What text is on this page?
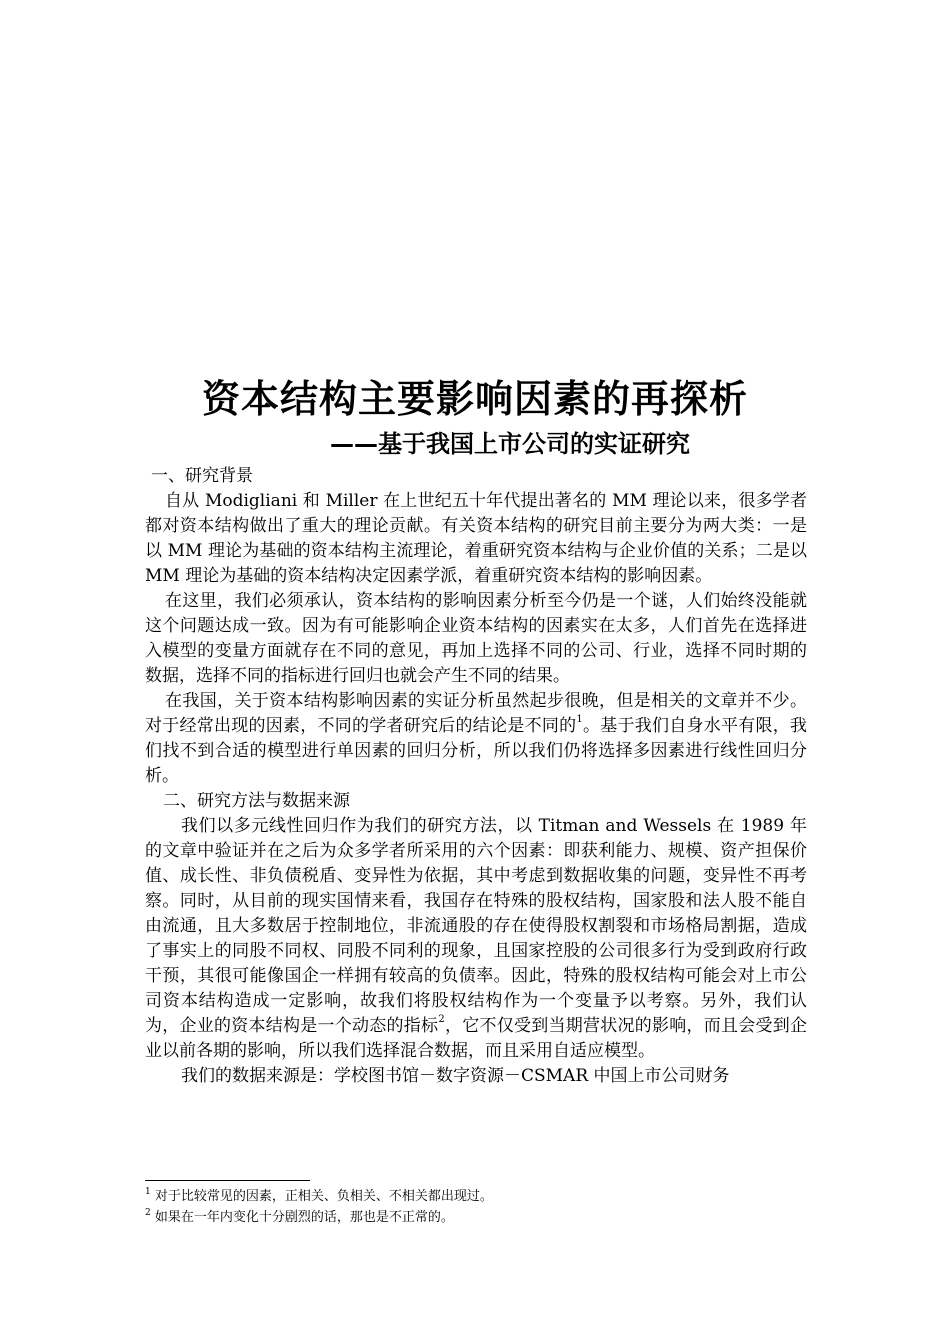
资本结构主要影响因素的再探析
——基于我国上市公司的实证研究
一、研究背景

自从 Modigliani 和 Miller 在上世纪五十年代提出著名的 MM 理论以来，很多学者都对资本结构做出了重大的理论贡献。有关资本结构的研究目前主要分为两大类：一是以 MM 理论为基础的资本结构主流理论，着重研究资本结构与企业价值的关系；二是以 MM 理论为基础的资本结构决定因素学派，着重研究资本结构的影响因素。

在这里，我们必须承认，资本结构的影响因素分析至今仍是一个谜，人们始终没能就这个问题达成一致。因为有可能影响企业资本结构的因素实在太多，人们首先在选择进入模型的变量方面就存在不同的意见，再加上选择不同的公司、行业，选择不同时期的数据，选择不同的指标进行回归也就会产生不同的结果。

在我国，关于资本结构影响因素的实证分析虽然起步很晚，但是相关的文章并不少。对于经常出现的因素，不同的学者研究后的结论是不同的$^1$。基于我们自身水平有限，我们找不到合适的模型进行单因素的回归分析，所以我们仍将选择多因素进行线性回归分析。

二、研究方法与数据来源

我们以多元线性回归作为我们的研究方法，以 Titman and Wessels 在 1989 年的文章中验证并在之后为众多学者所采用的六个因素：即获利能力、规模、资产担保价值、成长性、非负债税盾、变异性为依据，其中考虑到数据收集的问题，变异性不再考察。同时，从目前的现实国情来看，我国存在特殊的股权结构，国家股和法人股不能自由流通，且大多数居于控制地位，非流通股的存在使得股权割裂和市场格局割据，造成了事实上的同股不同权、同股不同利的现象，且国家控股的公司很多行为受到政府行政干预，其很可能像国企一样拥有较高的负债率。因此，特殊的股权结构可能会对上市公司资本结构造成一定影响，故我们将股权结构作为一个变量予以考察。另外，我们认为，企业的资本结构是一个动态的指标$^2$，它不仅受到当期营状况的影响，而且会受到企业以前各期的影响，所以我们选择混合数据，而且采用自适应模型。

我们的数据来源是：学校图书馆－数字资源－CSMAR 中国上市公司财务

$^1$ 对于比较常见的因素，正相关、负相关、不相关都出现过。
$^2$ 如果在一年内变化十分剧烈的话，那也是不正常的。
